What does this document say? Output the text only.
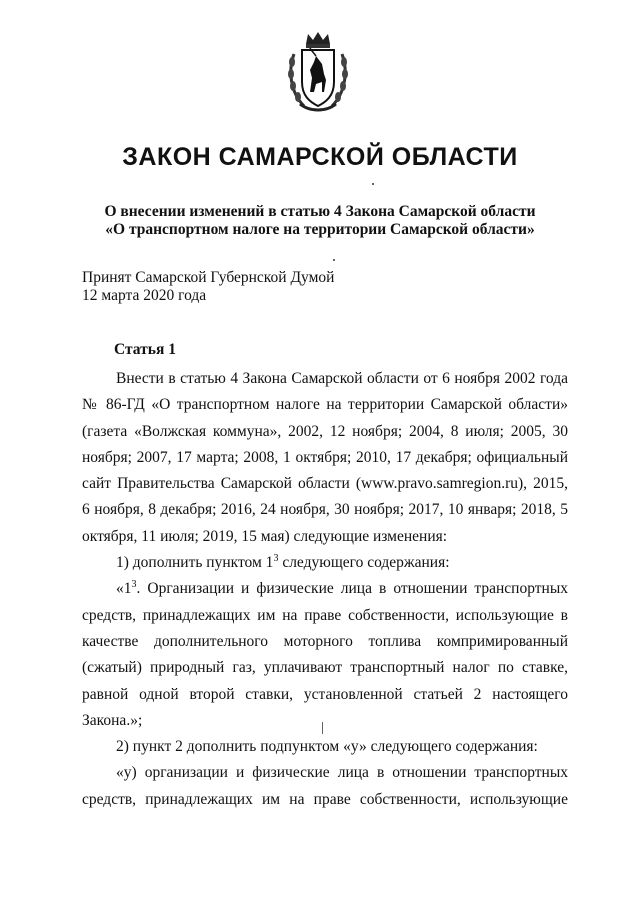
ЗАКОН САМАРСКОЙ ОБЛАСТИ
О внесении изменений в статью 4 Закона Самарской области
«О транспортном налоге на территории Самарской области»
Принят Самарской Губернской Думой
12 марта 2020 года
Статья 1

Внести в статью 4 Закона Самарской области от 6 ноября 2002 года № 86-ГД «О транспортном налоге на территории Самарской области» (газета «Волжская коммуна», 2002, 12 ноября; 2004, 8 июля; 2005, 30 ноября; 2007, 17 марта; 2008, 1 октября; 2010, 17 декабря; официальный сайт Правительства Самарской области (www.pravo.samregion.ru), 2015, 6 ноября, 8 декабря; 2016, 24 ноября, 30 ноября; 2017, 10 января; 2018, 5 октября, 11 июля; 2019, 15 мая) следующие изменения:

1) дополнить пунктом $1^3$ следующего содержания:

«$1^3$. Организации и физические лица в отношении транспортных средств, принадлежащих им на праве собственности, использующие в качестве дополнительного моторного топлива компримированный (сжатый) природный газ, уплачивают транспортный налог по ставке, равной одной второй ставки, установленной статьей 2 настоящего Закона.»;

2) пункт 2 дополнить подпунктом «у» следующего содержания:

«у) организации и физические лица в отношении транспортных средств, принадлежащих им на праве собственности, использующие
